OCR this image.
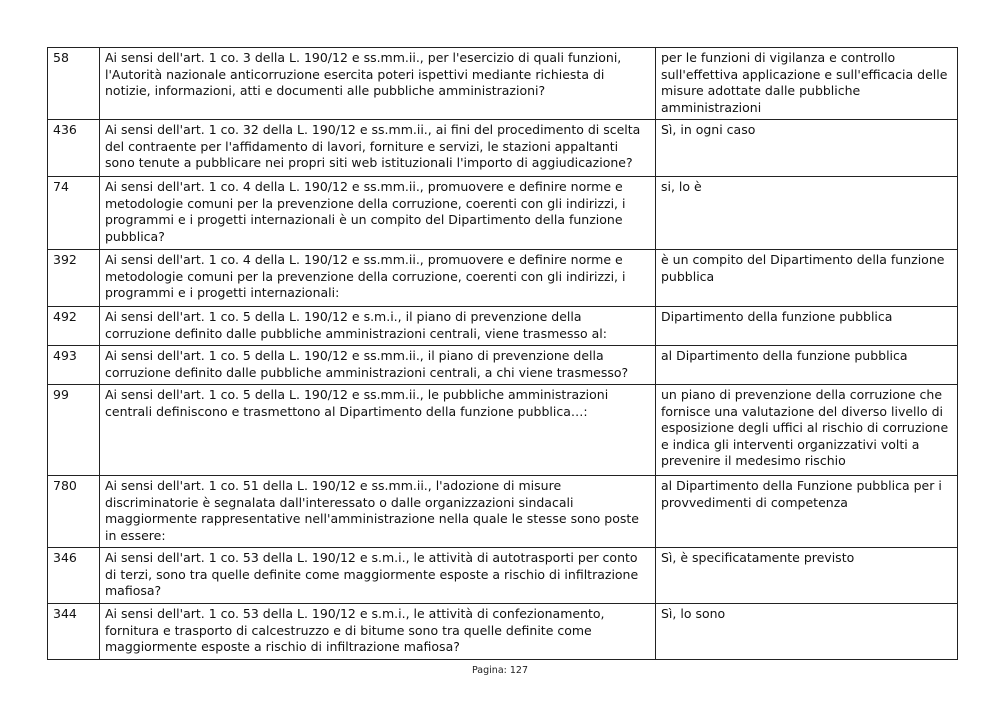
58	Ai sensi dell'art. 1 co. 3 della L. 190/12 e ss.mm.ii., per l'esercizio di quali funzioni, l'Autorità nazionale anticorruzione esercita poteri ispettivi mediante richiesta di notizie, informazioni, atti e documenti alle pubbliche amministrazioni?	per le funzioni di vigilanza e controllo sull'effettiva applicazione e sull'efficacia delle misure adottate dalle pubbliche amministrazioni
436	Ai sensi dell'art. 1 co. 32 della L. 190/12 e ss.mm.ii., ai fini del procedimento di scelta del contraente per l'affidamento di lavori, forniture e servizi, le stazioni appaltanti sono tenute a pubblicare nei propri siti web istituzionali l'importo di aggiudicazione?	Sì, in ogni caso
74	Ai sensi dell'art. 1 co. 4 della L. 190/12 e ss.mm.ii., promuovere e definire norme e metodologie comuni per la prevenzione della corruzione, coerenti con gli indirizzi, i programmi e i progetti internazionali è un compito del Dipartimento della funzione pubblica?	si, lo è
392	Ai sensi dell'art. 1 co. 4 della L. 190/12 e ss.mm.ii., promuovere e definire norme e metodologie comuni per la prevenzione della corruzione, coerenti con gli indirizzi, i programmi e i progetti internazionali:	è un compito del Dipartimento della funzione pubblica
492	Ai sensi dell'art. 1 co. 5 della L. 190/12 e s.m.i., il piano di prevenzione della corruzione definito dalle pubbliche amministrazioni centrali, viene trasmesso al:	Dipartimento della funzione pubblica
493	Ai sensi dell'art. 1 co. 5 della L. 190/12 e ss.mm.ii., il piano di prevenzione della corruzione definito dalle pubbliche amministrazioni centrali, a chi viene trasmesso?	al Dipartimento della funzione pubblica
99	Ai sensi dell'art. 1 co. 5 della L. 190/12 e ss.mm.ii., le pubbliche amministrazioni centrali definiscono e trasmettono al Dipartimento della funzione pubblica…:	un piano di prevenzione della corruzione che fornisce una valutazione del diverso livello di esposizione degli uffici al rischio di corruzione e indica gli interventi organizzativi volti a prevenire il medesimo rischio
780	Ai sensi dell'art. 1 co. 51 della L. 190/12 e ss.mm.ii., l'adozione di misure discriminatorie è segnalata dall'interessato o dalle organizzazioni sindacali maggiormente rappresentative nell'amministrazione nella quale le stesse sono poste in essere:	al Dipartimento della Funzione pubblica per i provvedimenti di competenza
346	Ai sensi dell'art. 1 co. 53 della L. 190/12 e s.m.i., le attività di autotrasporti per conto di terzi, sono tra quelle definite come maggiormente esposte a rischio di infiltrazione mafiosa?	Sì, è specificatamente previsto
344	Ai sensi dell'art. 1 co. 53 della L. 190/12 e s.m.i., le attività di confezionamento, fornitura e trasporto di calcestruzzo e di bitume sono tra quelle definite come maggiormente esposte a rischio di infiltrazione mafiosa?	Sì, lo sono
Pagina: 127
